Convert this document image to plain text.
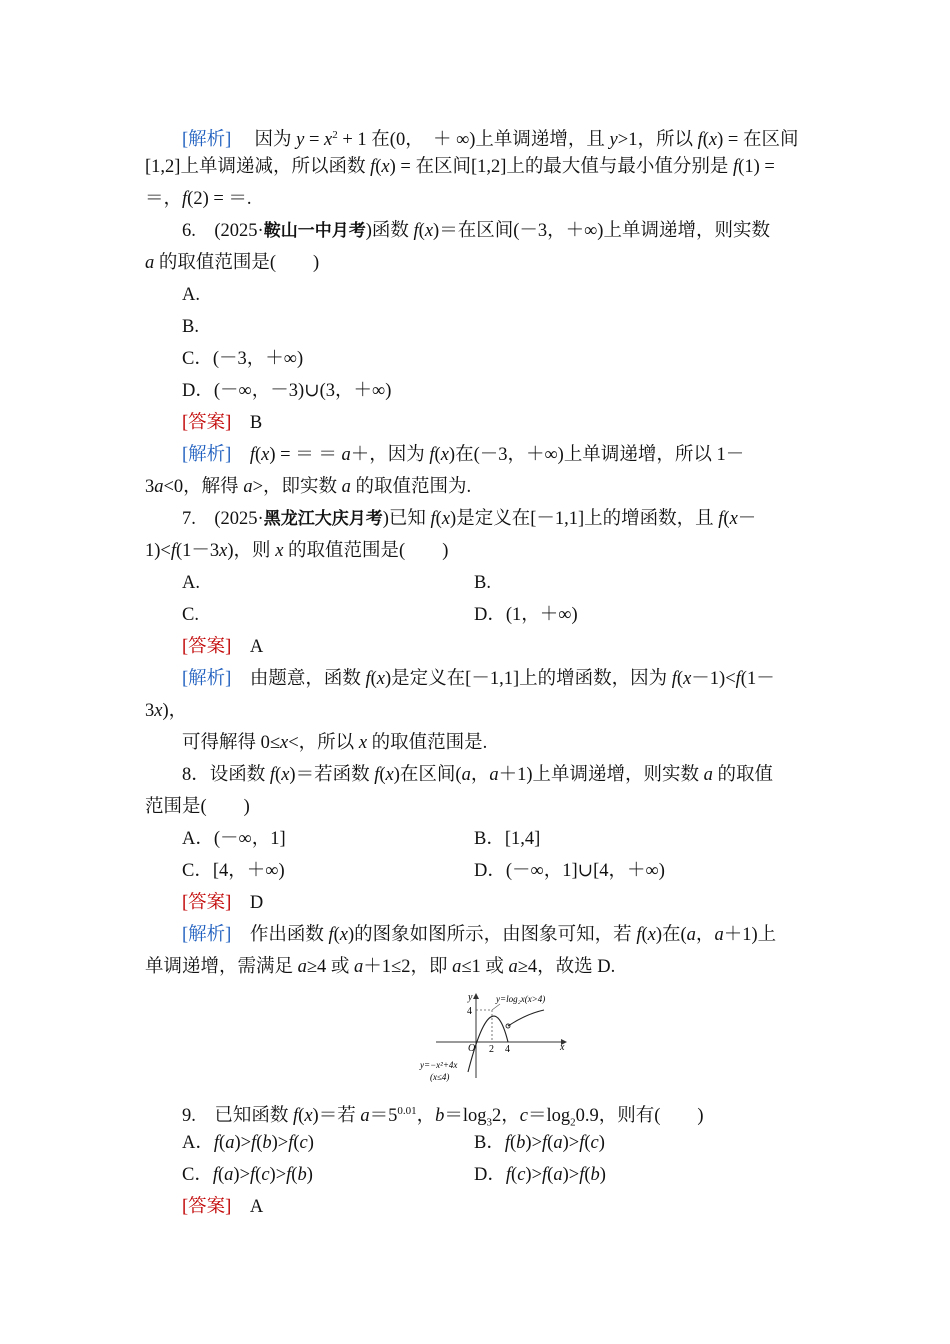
[解析] 　因为 $y = x^2 + 1$ 在(0，　＋ ∞)上单调递增，且 y>1，所以 f(x) = 在区间
[1,2]上单调递减，所以函数 f(x) = 在区间[1,2]上的最大值与最小值分别是 f(1) =
＝，f(2) = ＝.
6.　(2025·鞍山一中月考)函数 f(x)＝在区间(－3，＋∞)上单调递增，则实数
a 的取值范围是(　　)
A.
B.
C．(－3，＋∞)
D．(－∞，－3)∪(3，＋∞)
[答案]　 B
[解析]　 f(x) = ＝ ＝ a＋，因为 f(x)在(－3，＋∞)上单调递增，所以 1－
3a<0，解得 a>，即实数 a 的取值范围为.
7.　(2025·黑龙江大庆月考)已知 f(x)是定义在[－1,1]上的增函数，且 f(x－
1)<f(1－3x)，则 x 的取值范围是(　　)
A.	B.
C.	D．(1，＋∞)
[答案]　 A
[解析]　 由题意，函数 f(x)是定义在[－1,1]上的增函数，因为 f(x－1)<f(1－
3x)，
可得解得 0≤x<，所以 x 的取值范围是.
8．设函数 f(x)＝若函数 f(x)在区间(a，a＋1)上单调递增，则实数 a 的取值
范围是(　　)
A．(－∞，1]	B．[1,4]
C．[4，＋∞)	D．(－∞，1]∪[4，＋∞)
[答案]　 D
[解析]　 作出函数 f(x)的图象如图所示，由图象可知，若 f(x)在(a，a＋1)上
单调递增，需满足 a≥4 或 a＋1≤2，即 a≤1 或 a≥4，故选 D.
x
y
O
4
2 4
y=log₂x(x>4)
y=−x²+4x
(x≤4)
9.　已知函数 f(x)＝若 $a=5^{0.01}$，$b=\log_32$，$c=\log_20.9$，则有(　　)
A．f(a)>f(b)>f(c)	B．f(b)>f(a)>f(c)
C．f(a)>f(c)>f(b)	D．f(c)>f(a)>f(b)
[答案]　 A
